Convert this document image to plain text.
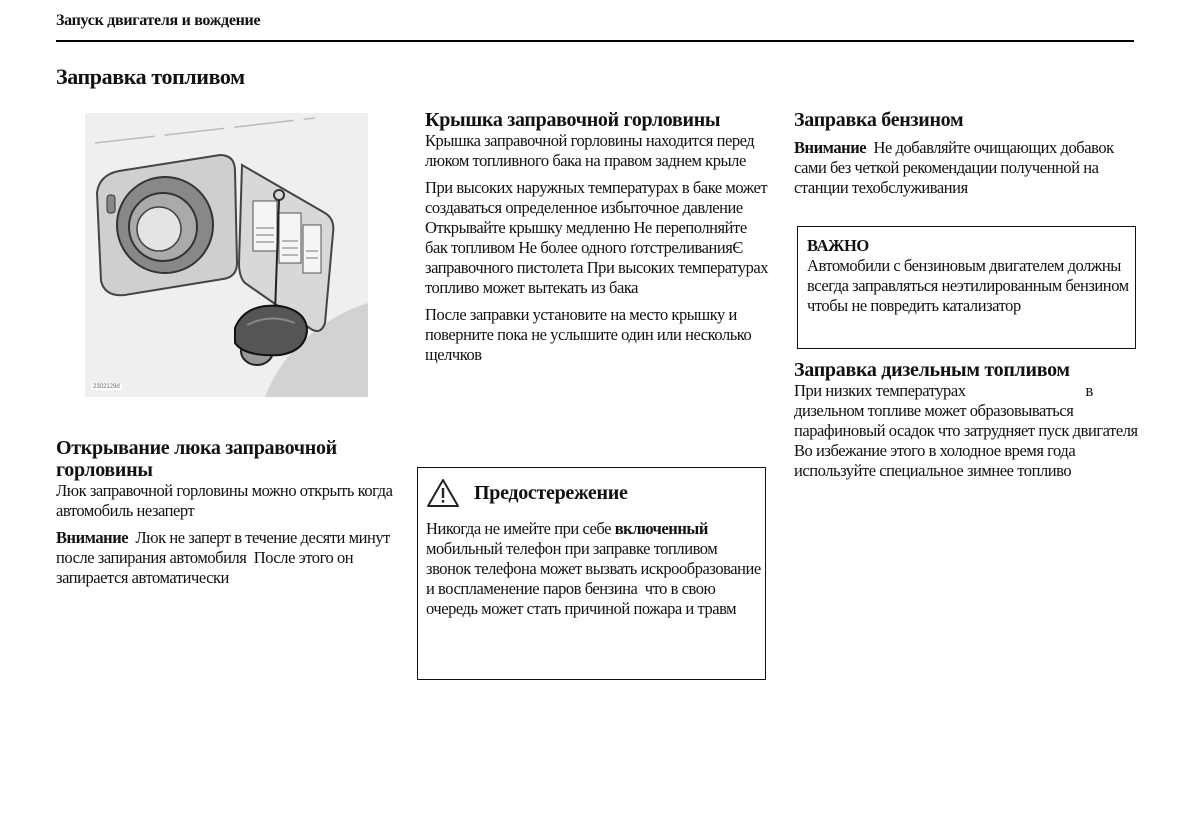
Запуск двигателя и вождение
Заправка топливом
2302129d
Открывание люка заправочной горловины
Люк заправочной горловины можно открыть когда автомобиль незаперт
Внимание  Люк не заперт в течение десяти минут после запирания автомобиля  После этого он запирается автоматически
Крышка заправочной горловины
Крышка заправочной горловины находится перед люком топливного бака на правом заднем крыле
При высоких наружных температурах в баке может создаваться определенное избыточное давление Открывайте крышку медленно Не переполняйте бак топливом Не более одного ґотстреливанияЄ заправочного пистолета При высоких температурах топливо может вытекать из бака
После заправки установите на место крышку и поверните пока не услышите один или несколько щелчков
Предостережение
Никогда не имейте при себе включенный мобильный телефон при заправке топливом    звонок телефона может вызвать искрообразование и воспламенение паров бензина  что в свою очередь может стать причиной пожара и травм
Заправка бензином
Внимание  Не добавляйте очищающих добавок сами без четкой рекомендации полученной на станции техобслуживания
ВАЖНО
Автомобили с бензиновым двигателем должны всегда заправляться неэтилированным бензином чтобы не повредить катализатор
Заправка дизельным топливом
При низких температурах	в дизельном топливе может образовываться парафиновый осадок что затрудняет пуск двигателя Во избежание этого в холодное время года используйте специальное зимнее топливо
